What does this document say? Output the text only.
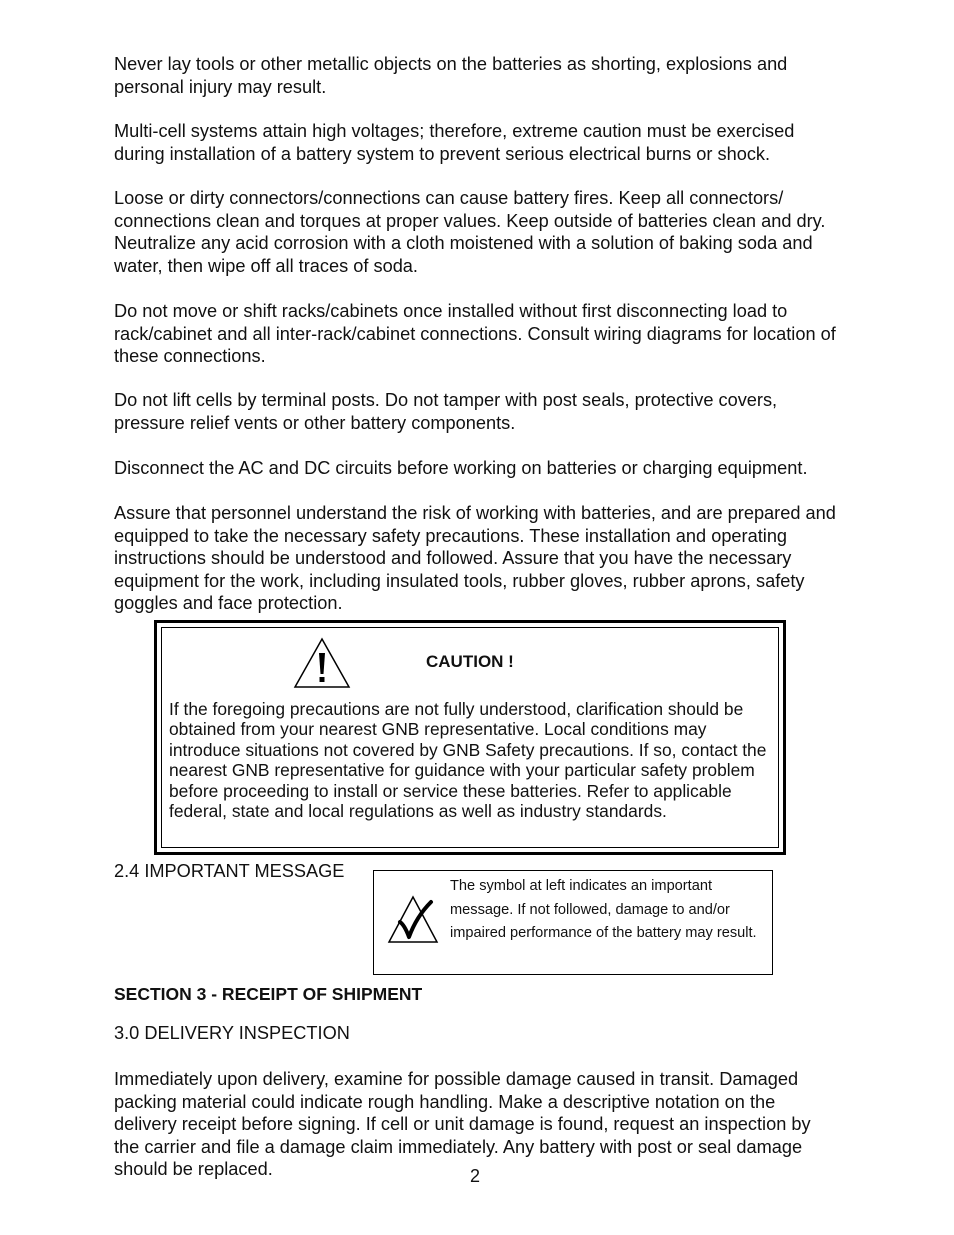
Never lay tools or other metallic objects on the batteries as shorting, explosions and personal injury may result.

Multi-cell systems attain high voltages; therefore, extreme caution must be exercised during installation of a battery system to prevent serious electrical burns or shock.

Loose or dirty connectors/connections can cause battery fires. Keep all connectors/ connections clean and torques at proper values. Keep outside of batteries clean and dry. Neutralize any acid corrosion with a cloth moistened with a solution of baking soda and water, then wipe off all traces of soda.

Do not move or shift racks/cabinets once installed without first disconnecting load to rack/cabinet and all inter-rack/cabinet connections. Consult wiring diagrams for location of these connections.

Do not lift cells by terminal posts. Do not tamper with post seals, protective covers, pressure relief vents or other battery components.

Disconnect the AC and DC circuits before working on batteries or charging equipment.

Assure that personnel understand the risk of working with batteries, and are prepared and equipped to take the necessary safety precautions. These installation and operating instructions should be understood and followed. Assure that you have the necessary equipment for the work, including insulated tools, rubber gloves, rubber aprons, safety goggles and face protection.

CAUTION !

If the foregoing precautions are not fully understood, clarification should be obtained from your nearest GNB representative. Local conditions may introduce situations not covered by GNB Safety precautions. If so, contact the nearest GNB representative for guidance with your particular safety problem before proceeding to install or service these batteries. Refer to applicable federal, state and local regulations as well as industry standards.

2.4 IMPORTANT MESSAGE

The symbol at left indicates an important message. If not followed, damage to and/or impaired performance of the battery may result.

SECTION 3 - RECEIPT OF SHIPMENT

3.0 DELIVERY INSPECTION

Immediately upon delivery, examine for possible damage caused in transit. Damaged packing material could indicate rough handling. Make a descriptive notation on the delivery receipt before signing. If cell or unit damage is found, request an inspection by the carrier and file a damage claim immediately. Any battery with post or seal damage should be replaced.	2
